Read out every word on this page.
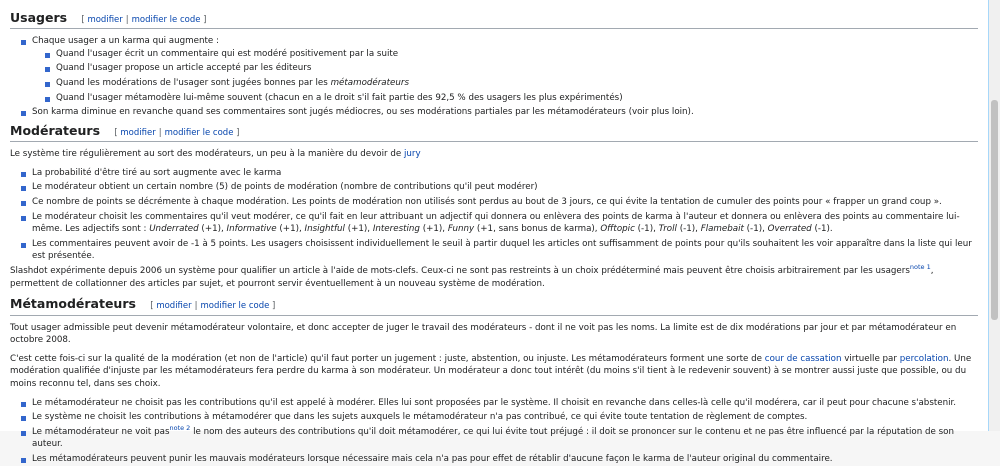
Usagers [ modifier | modifier le code ]
Chaque usager a un karma qui augmente :
Quand l'usager écrit un commentaire qui est modéré positivement par la suite
Quand l'usager propose un article accepté par les éditeurs
Quand les modérations de l'usager sont jugées bonnes par les métamodérateurs
Quand l'usager métamodère lui-même souvent (chacun en a le droit s'il fait partie des 92,5 % des usagers les plus expérimentés)
Son karma diminue en revanche quand ses commentaires sont jugés médiocres, ou ses modérations partiales par les métamodérateurs (voir plus loin).
Modérateurs [ modifier | modifier le code ]

Le système tire régulièrement au sort des modérateurs, un peu à la manière du devoir de jury

La probabilité d'être tiré au sort augmente avec le karma
Le modérateur obtient un certain nombre (5) de points de modération (nombre de contributions qu'il peut modérer)
Ce nombre de points se décrémente à chaque modération. Les points de modération non utilisés sont perdus au bout de 3 jours, ce qui évite la tentation de cumuler des points pour « frapper un grand coup ».
Le modérateur choisit les commentaires qu'il veut modérer, ce qu'il fait en leur attribuant un adjectif qui donnera ou enlèvera des points de karma à l'auteur et donnera ou enlèvera des points au commentaire lui-même. Les adjectifs sont : Underrated (+1), Informative (+1), Insightful (+1), Interesting (+1), Funny (+1, sans bonus de karma), Offtopic (-1), Troll (-1), Flamebait (-1), Overrated (-1).
Les commentaires peuvent avoir de -1 à 5 points. Les usagers choisissent individuellement le seuil à partir duquel les articles ont suffisamment de points pour qu'ils souhaitent les voir apparaître dans la liste qui leur est présentée.

Slashdot expérimente depuis 2006 un système pour qualifier un article à l'aide de mots-clefs. Ceux-ci ne sont pas restreints à un choix prédéterminé mais peuvent être choisis arbitrairement par les usagers$^{note 1}$, permettent de collationner des articles par sujet, et pourront servir éventuellement à un nouveau système de modération.

Métamodérateurs [ modifier | modifier le code ]

Tout usager admissible peut devenir métamodérateur volontaire, et donc accepter de juger le travail des modérateurs - dont il ne voit pas les noms. La limite est de dix modérations par jour et par métamodérateur en octobre 2008.

C'est cette fois-ci sur la qualité de la modération (et non de l'article) qu'il faut porter un jugement : juste, abstention, ou injuste. Les métamodérateurs forment une sorte de cour de cassation virtuelle par percolation. Une modération qualifiée d'injuste par les métamodérateurs fera perdre du karma à son modérateur. Un modérateur a donc tout intérêt (du moins s'il tient à le redevenir souvent) à se montrer aussi juste que possible, ou du moins reconnu tel, dans ses choix.

Le métamodérateur ne choisit pas les contributions qu'il est appelé à modérer. Elles lui sont proposées par le système. Il choisit en revanche dans celles-là celle qu'il modérera, car il peut pour chacune s'abstenir.
Le système ne choisit les contributions à métamodérer que dans les sujets auxquels le métamodérateur n'a pas contribué, ce qui évite toute tentation de règlement de comptes.
Le métamodérateur ne voit pas$^{note 2}$ le nom des auteurs des contributions qu'il doit métamodérer, ce qui lui évite tout préjugé : il doit se prononcer sur le contenu et ne pas être influencé par la réputation de son auteur.
Les métamodérateurs peuvent punir les mauvais modérateurs lorsque nécessaire mais cela n'a pas pour effet de rétablir d'aucune façon le karma de l'auteur original du commentaire.
